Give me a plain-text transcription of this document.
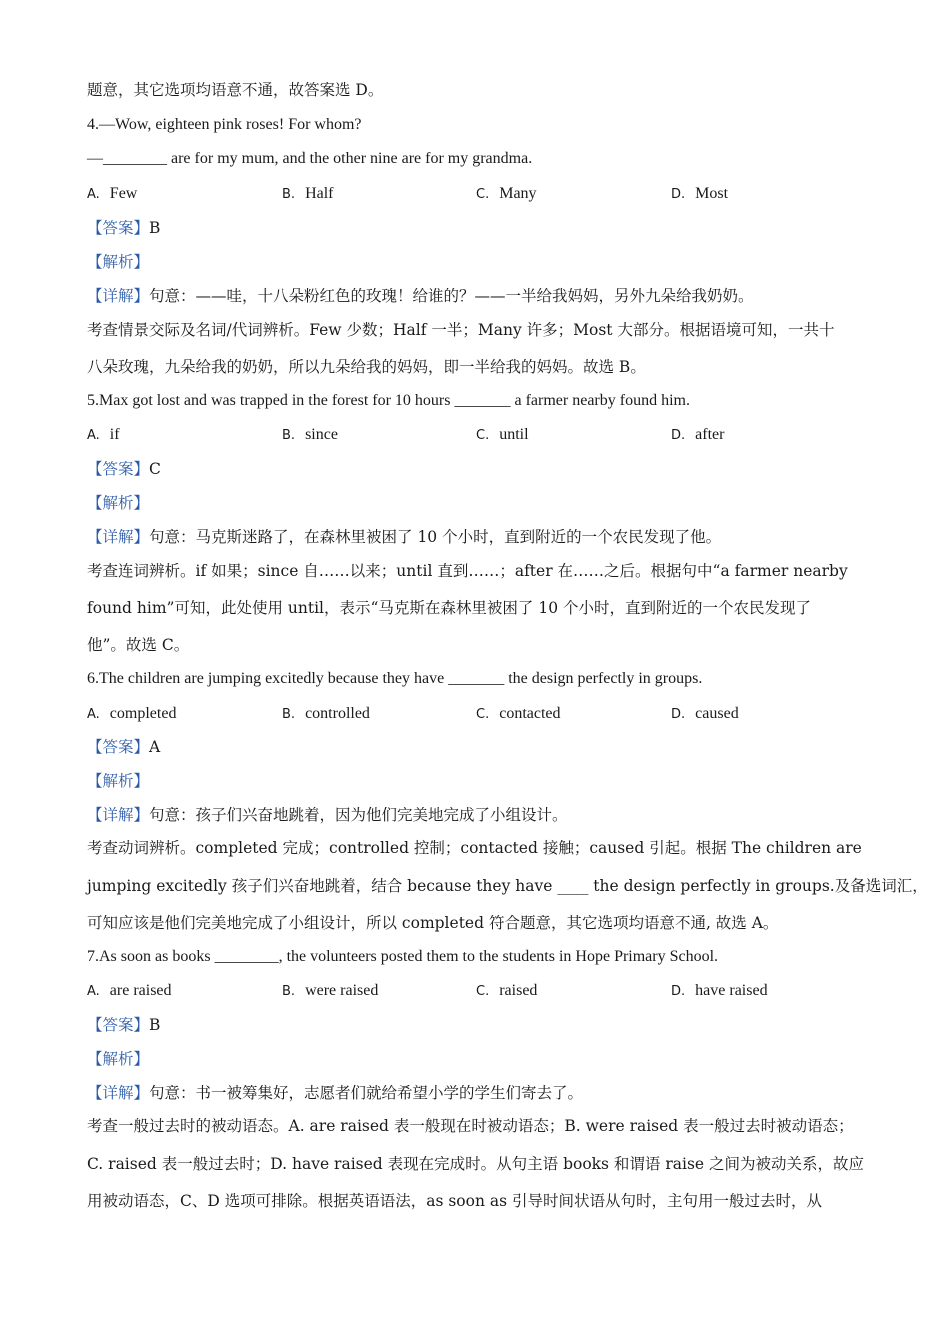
题意，其它选项均语意不通，故答案选 D。
4.—Wow, eighteen pink roses! For whom?
—________ are for my mum, and the other nine are for my grandma.
A. Few	B. Half	C. Many	D. Most
【答案】B
【解析】
【详解】句意：——哇，十八朵粉红色的玫瑰！给谁的？——一半给我妈妈，另外九朵给我奶奶。
考查情景交际及名词/代词辨析。Few 少数；Half 一半；Many 许多；Most 大部分。根据语境可知，一共十
八朵玫瑰，九朵给我的奶奶，所以九朵给我的妈妈，即一半给我的妈妈。故选 B。
5.Max got lost and was trapped in the forest for 10 hours _______ a farmer nearby found him.
A. if	B. since	C. until	D. after
【答案】C
【解析】
【详解】句意：马克斯迷路了，在森林里被困了 10 个小时，直到附近的一个农民发现了他。
考查连词辨析。if 如果；since 自……以来；until 直到……；after 在……之后。根据句中“a farmer nearby
found him”可知，此处使用 until，表示“马克斯在森林里被困了 10 个小时，直到附近的一个农民发现了
他”。故选 C。
6.The children are jumping excitedly because they have _______ the design perfectly in groups.
A. completed	B. controlled	C. contacted	D. caused
【答案】A
【解析】
【详解】句意：孩子们兴奋地跳着，因为他们完美地完成了小组设计。
考查动词辨析。completed 完成；controlled 控制；contacted 接触；caused 引起。根据 The children are
jumping excitedly 孩子们兴奋地跳着，结合 because they have ____ the design perfectly in groups.及备选词汇，
可知应该是他们完美地完成了小组设计，所以 completed 符合题意，其它选项均语意不通, 故选 A。
7.As soon as books ________, the volunteers posted them to the students in Hope Primary School.
A. are raised	B. were raised	C. raised	D. have raised
【答案】B
【解析】
【详解】句意：书一被筹集好，志愿者们就给希望小学的学生们寄去了。
考查一般过去时的被动语态。A. are raised 表一般现在时被动语态；B. were raised 表一般过去时被动语态；
C. raised 表一般过去时；D. have raised 表现在完成时。从句主语 books 和谓语 raise 之间为被动关系，故应
用被动语态，C、D 选项可排除。根据英语语法，as soon as 引导时间状语从句时，主句用一般过去时，从
